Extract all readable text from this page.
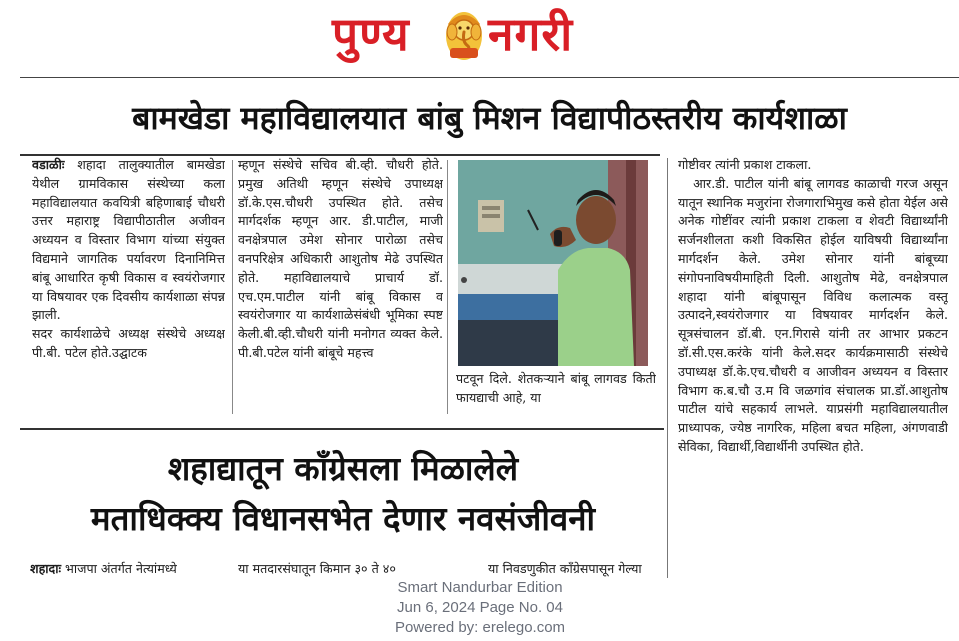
पुण्य नगरी
बामखेडा महाविद्यालयात बांबु मिशन विद्यापीठस्तरीय कार्यशाळा
वडाळीः शहादा तालुक्यातील बामखेडा येथील ग्रामविकास संस्थेच्या कला महाविद्यालयात कवयित्री बहिणाबाई चौधरी उत्तर महाराष्ट्र विद्यापीठातील अजीवन अध्ययन व विस्तार विभाग यांच्या संयुक्त विद्यमाने जागतिक पर्यावरण दिनानिमित्त बांबू आधारित कृषी विकास व स्वयंरोजगार या विषयावर एक दिवसीय कार्यशाळा संपन्न झाली.
सदर कार्यशाळेचे अध्यक्ष संस्थेचे अध्यक्ष पी.बी. पटेल होते.उद्घाटक
म्हणून संस्थेचे सचिव बी.व्ही. चौधरी होते. प्रमुख अतिथी म्हणून संस्थेचे उपाध्यक्ष डॉ.के.एस.चौधरी उपस्थित होते. तसेच मार्गदर्शक म्हणून आर. डी.पाटील, माजी वनक्षेत्रपाल उमेश सोनार पारोळा तसेच वनपरिक्षेत्र अधिकारी आशुतोष मेढे उपस्थित होते. महाविद्यालयाचे प्राचार्य डॉ. एच.एम.पाटील यांनी बांबू विकास व स्वयंरोजगार या कार्यशाळेसंबंधी भूमिका स्पष्ट केली.बी.व्ही.चौधरी यांनी मनोगत व्यक्त केले. पी.बी.पटेल यांनी बांबूचे महत्त्व
पटवून दिले. शेतकऱ्याने बांबू लागवड किती फायद्याची आहे, या
गोष्टीवर त्यांनी प्रकाश टाकला.
आर.डी. पाटील यांनी बांबू लागवड काळाची गरज असून यातून स्थानिक मजुरांना रोजगाराभिमुख कसे होता येईल असे अनेक गोष्टींवर त्यांनी प्रकाश टाकला व शेवटी विद्यार्थ्यांनी सर्जनशीलता कशी विकसित होईल याविषयी विद्यार्थ्यांना मार्गदर्शन केले. उमेश सोनार यांनी बांबूच्या संगोपनाविषयीमाहिती दिली. आशुतोष मेढे, वनक्षेत्रपाल शहादा यांनी बांबूपासून विविध कलात्मक वस्तू उत्पादने,स्वयंरोजगार या विषयावर मार्गदर्शन केले. सूत्रसंचालन डॉ.बी. एन.गिरासे यांनी तर आभार प्रकटन डॉ.सी.एस.करंके यांनी केले.सदर कार्यक्रमासाठी संस्थेचे उपाध्यक्ष डॉ.के.एच.चौधरी व आजीवन अध्ययन व विस्तार विभाग क.ब.चौ उ.म वि जळगांव संचालक प्रा.डॉ.आशुतोष पाटील यांचे सहकार्य लाभले. याप्रसंगी महाविद्यालयातील प्राध्यापक, ज्येष्ठ नागरिक, महिला बचत महिला, अंगणवाडी सेविका, विद्यार्थी,विद्यार्थीनी उपस्थित होते.
शहाद्यातून काँग्रेसला मिळालेले
मताधिक्क्य विधानसभेत देणार नवसंजीवनी
शहादाः भाजपा अंतर्गत नेत्यांमध्ये	या मतदारसंघातून किमान ३० ते ४०	या निवडणुकीत काँग्रेसपासून गेल्या
Smart Nandurbar Edition
Jun 6, 2024 Page No. 04
Powered by: erelego.com
